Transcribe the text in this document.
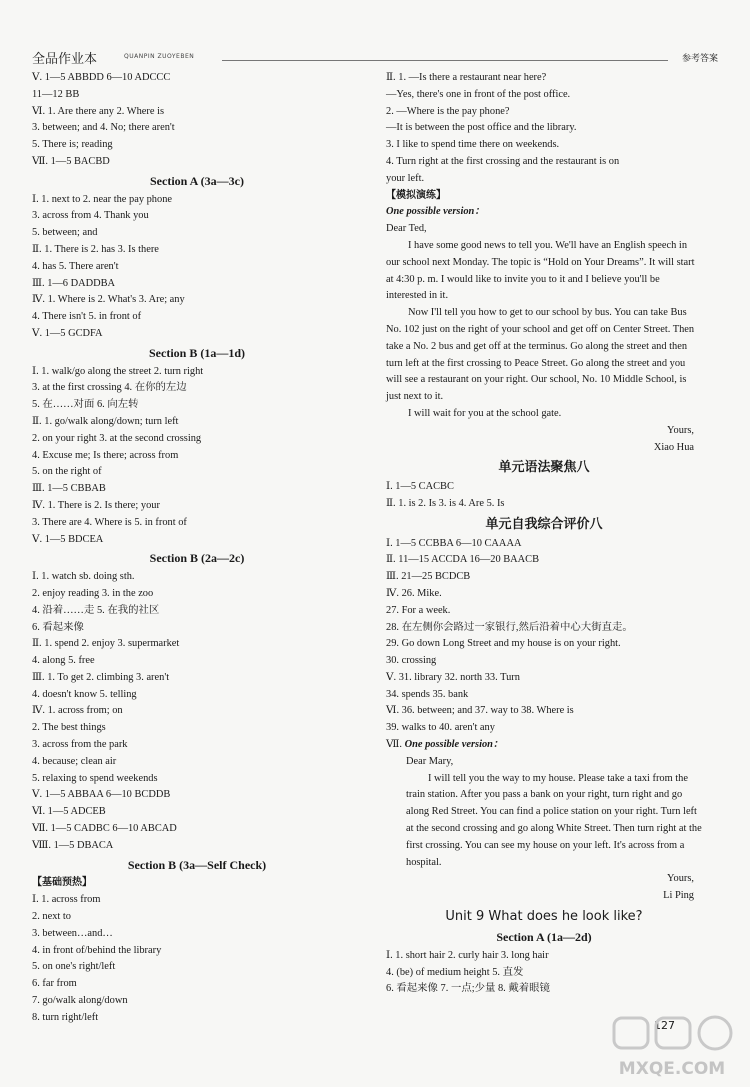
全品作业本	QUANPIN ZUOYEBEN	参考答案
Ⅴ. 1—5 ABBDD 6—10 ADCCC
11—12 BB
Ⅵ. 1. Are there any 2. Where is
3. between; and 4. No; there aren't
5. There is; reading
Ⅶ. 1—5 BACBD
Section A (3a—3c)
Ⅰ. 1. next to 2. near the pay phone
3. across from 4. Thank you
5. between; and
Ⅱ. 1. There is 2. has 3. Is there
4. has 5. There aren't
Ⅲ. 1—6 DADDBA
Ⅳ. 1. Where is 2. What's 3. Are; any
4. There isn't 5. in front of
Ⅴ. 1—5 GCDFA
Section B (1a—1d)
Ⅰ. 1. walk/go along the street 2. turn right
3. at the first crossing 4. 在你的左边
5. 在……对面 6. 向左转
Ⅱ. 1. go/walk along/down; turn left
2. on your right 3. at the second crossing
4. Excuse me; Is there; across from
5. on the right of
Ⅲ. 1—5 CBBAB
Ⅳ. 1. There is 2. Is there; your
3. There are 4. Where is 5. in front of
Ⅴ. 1—5 BDCEA
Section B (2a—2c)
Ⅰ. 1. watch sb. doing sth.
2. enjoy reading 3. in the zoo
4. 沿着……走 5. 在我的社区
6. 看起来像
Ⅱ. 1. spend 2. enjoy 3. supermarket
4. along 5. free
Ⅲ. 1. To get 2. climbing 3. aren't
4. doesn't know 5. telling
Ⅳ. 1. across from; on
2. The best things
3. across from the park
4. because; clean air
5. relaxing to spend weekends
Ⅴ. 1—5 ABBAA 6—10 BCDDB
Ⅵ. 1—5 ADCEB
Ⅶ. 1—5 CADBC 6—10 ABCAD
Ⅷ. 1—5 DBACA
Section B (3a—Self Check)
【基础预热】
Ⅰ. 1. across from
2. next to
3. between…and…
4. in front of/behind the library
5. on one's right/left
6. far from
7. go/walk along/down
8. turn right/left
Ⅱ. 1. —Is there a restaurant near here?
—Yes, there's one in front of the post office.
2. —Where is the pay phone?
—It is between the post office and the library.
3. I like to spend time there on weekends.
4. Turn right at the first crossing and the restaurant is on
your left.
【模拟演练】
One possible version：
Dear Ted,
I have some good news to tell you. We'll have an English speech in our school next Monday. The topic is “Hold on Your Dreams”. It will start at 4:30 p. m. I would like to invite you to it and I believe you'll be interested in it.
Now I'll tell you how to get to our school by bus. You can take Bus No. 102 just on the right of your school and get off on Center Street. Then take a No. 2 bus and get off at the terminus. Go along the street and then turn left at the first crossing to Peace Street. Go along the street and you will see a restaurant on your right. Our school, No. 10 Middle School, is just next to it.
I will wait for you at the school gate.
Yours,
Xiao Hua
单元语法聚焦八
Ⅰ. 1—5 CACBC
Ⅱ. 1. is 2. Is 3. is 4. Are 5. Is
单元自我综合评价八
Ⅰ. 1—5 CCBBA 6—10 CAAAA
Ⅱ. 11—15 ACCDA 16—20 BAACB
Ⅲ. 21—25 BCDCB
Ⅳ. 26. Mike.
27. For a week.
28. 在左侧你会路过一家银行,然后沿着中心大街直走。
29. Go down Long Street and my house is on your right.
30. crossing
Ⅴ. 31. library 32. north 33. Turn
34. spends 35. bank
Ⅵ. 36. between; and 37. way to 38. Where is
39. walks to 40. aren't any
Ⅶ. One possible version：
Dear Mary,
I will tell you the way to my house. Please take a taxi from the train station. After you pass a bank on your right, turn right and go along Red Street. You can find a police station on your right. Turn left at the second crossing and go along White Street. Then turn right at the first crossing. You can see my house on your left. It's across from a hospital.
Yours,
Li Ping
Unit 9 What does he look like?
Section A (1a—2d)
Ⅰ. 1. short hair 2. curly hair 3. long hair
4. (be) of medium height 5. 直发
6. 看起来像 7. 一点;少量 8. 戴着眼镜
127
MXQE.COM
